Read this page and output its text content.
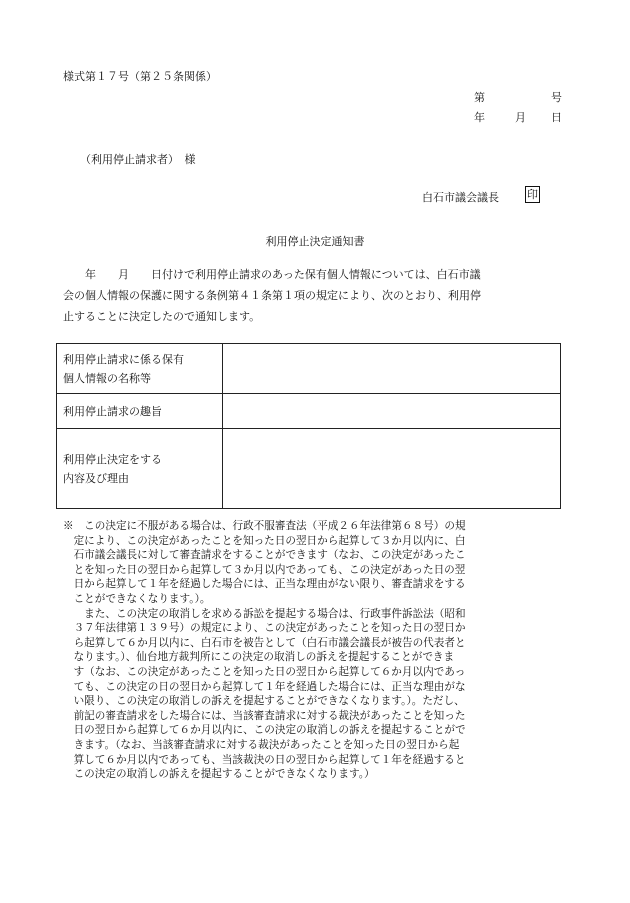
様式第１７号（第２５条関係）
第	号
年	月 日
（利用停止請求者）　様
白石市議会議長	印
利用停止決定通知書

　　年　　月　　日付けで利用停止請求のあった保有個人情報については、白石市議

会の個人情報の保護に関する条例第４１条第１項の規定により、次のとおり、利用停

止することに決定したので通知します。

利用停止請求に係る保有
個人情報の名称等	

利用停止請求の趣旨	

利用停止決定をする
内容及び理由	

※　この決定に不服がある場合は、行政不服審査法（平成２６年法律第６８号）の規

　定により、この決定があったことを知った日の翌日から起算して３か月以内に、白

　石市議会議長に対して審査請求をすることができます（なお、この決定があったこ

　とを知った日の翌日から起算して３か月以内であっても、この決定があった日の翌

　日から起算して１年を経過した場合には、正当な理由がない限り、審査請求をする

　ことができなくなります。）。

　　また、この決定の取消しを求める訴訟を提起する場合は、行政事件訴訟法（昭和

　３７年法律第１３９号）の規定により、この決定があったことを知った日の翌日か

　ら起算して６か月以内に、白石市を被告として（白石市議会議長が被告の代表者と

　なります。）、仙台地方裁判所にこの決定の取消しの訴えを提起することができま

　す（なお、この決定があったことを知った日の翌日から起算して６か月以内であっ

　ても、この決定の日の翌日から起算して１年を経過した場合には、正当な理由がな

　い限り、この決定の取消しの訴えを提起することができなくなります。）。ただし、

　前記の審査請求をした場合には、当該審査請求に対する裁決があったことを知った

　日の翌日から起算して６か月以内に、この決定の取消しの訴えを提起することがで

　きます。（なお、当該審査請求に対する裁決があったことを知った日の翌日から起

　算して６か月以内であっても、当該裁決の日の翌日から起算して１年を経過すると

　この決定の取消しの訴えを提起することができなくなります。）
